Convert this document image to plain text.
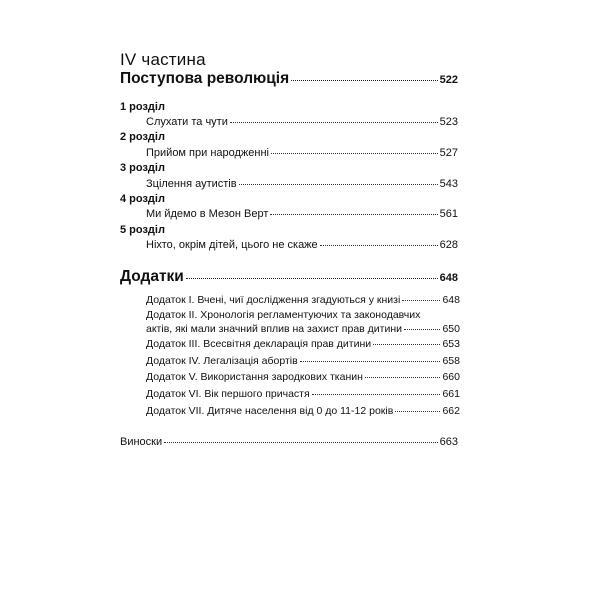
IV частина
Поступова революція	522
1 розділ
Слухати та чути	523
2 розділ
Прийом при народженні	527
3 розділ
Зцілення аутистів	543
4 розділ
Ми йдемо в Мезон Верт	561
5 розділ
Ніхто, окрім дітей, цього не скаже	628
Додатки	648
Додаток I. Вчені, чиї дослідження згадуються у книзі	648
Додаток II. Хронологія регламентуючих та законодавчих
актів, які мали значний вплив на захист прав дитини	650
Додаток III. Всесвітня декларація прав дитини	653
Додаток IV. Легалізація абортів	658
Додаток V. Використання зародкових тканин	660
Додаток VI. Вік першого причастя	661
Додаток VII. Дитяче населення від 0 до 11-12 років	662
Виноски	663
